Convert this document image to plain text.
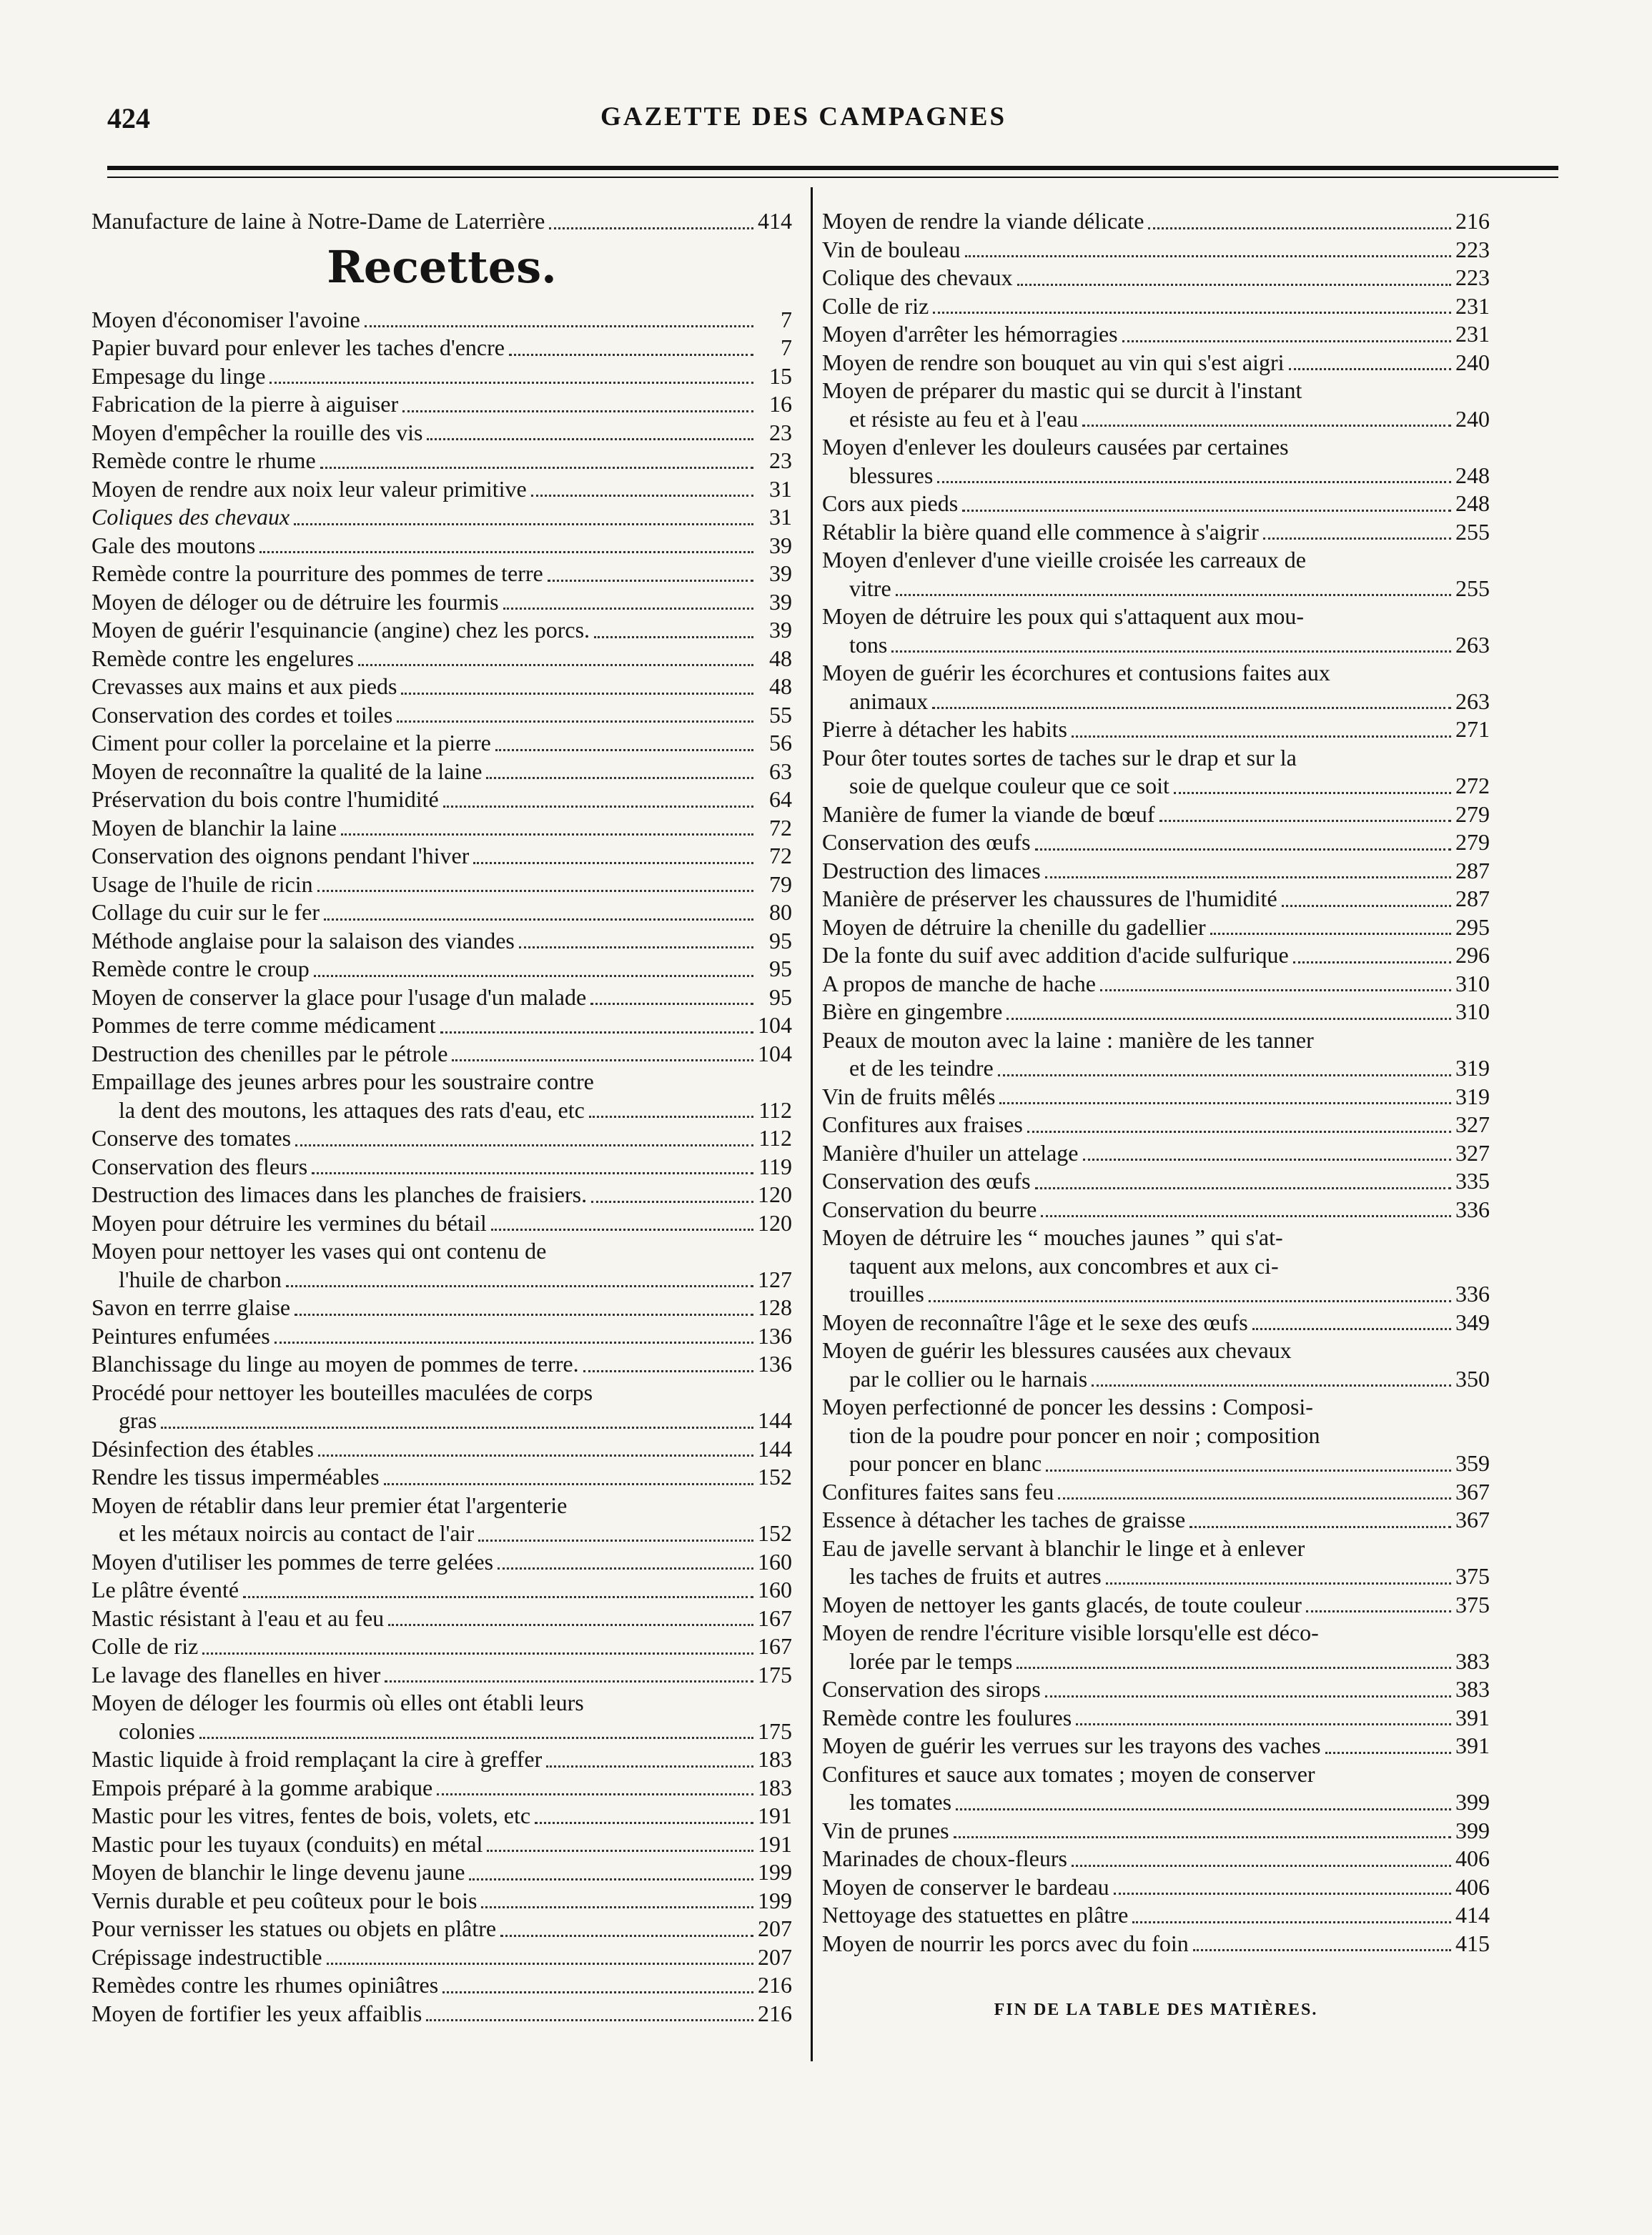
424	GAZETTE DES CAMPAGNES
Manufacture de laine à Notre-Dame de Laterrière	414
Recettes.
Moyen d'économiser l'avoine	7
Papier buvard pour enlever les taches d'encre	7
Empesage du linge	15
Fabrication de la pierre à aiguiser	16
Moyen d'empêcher la rouille des vis	23
Remède contre le rhume	23
Moyen de rendre aux noix leur valeur primitive	31
Coliques des chevaux	31
Gale des moutons	39
Remède contre la pourriture des pommes de terre	39
Moyen de déloger ou de détruire les fourmis	39
Moyen de guérir l'esquinancie (angine) chez les porcs.	39
Remède contre les engelures	48
Crevasses aux mains et aux pieds	48
Conservation des cordes et toiles	55
Ciment pour coller la porcelaine et la pierre	56
Moyen de reconnaître la qualité de la laine	63
Préservation du bois contre l'humidité	64
Moyen de blanchir la laine	72
Conservation des oignons pendant l'hiver	72
Usage de l'huile de ricin	79
Collage du cuir sur le fer	80
Méthode anglaise pour la salaison des viandes	95
Remède contre le croup	95
Moyen de conserver la glace pour l'usage d'un malade	95
Pommes de terre comme médicament	104
Destruction des chenilles par le pétrole	104
Empaillage des jeunes arbres pour les soustraire contre
la dent des moutons, les attaques des rats d'eau, etc	112
Conserve des tomates	112
Conservation des fleurs	119
Destruction des limaces dans les planches de fraisiers.	120
Moyen pour détruire les vermines du bétail	120
Moyen pour nettoyer les vases qui ont contenu de
l'huile de charbon	127
Savon en terrre glaise	128
Peintures enfumées	136
Blanchissage du linge au moyen de pommes de terre.	136
Procédé pour nettoyer les bouteilles maculées de corps
gras	144
Désinfection des étables	144
Rendre les tissus imperméables	152
Moyen de rétablir dans leur premier état l'argenterie
et les métaux noircis au contact de l'air	152
Moyen d'utiliser les pommes de terre gelées	160
Le plâtre éventé	160
Mastic résistant à l'eau et au feu	167
Colle de riz	167
Le lavage des flanelles en hiver	175
Moyen de déloger les fourmis où elles ont établi leurs
colonies	175
Mastic liquide à froid remplaçant la cire à greffer	183
Empois préparé à la gomme arabique	183
Mastic pour les vitres, fentes de bois, volets, etc	191
Mastic pour les tuyaux (conduits) en métal	191
Moyen de blanchir le linge devenu jaune	199
Vernis durable et peu coûteux pour le bois	199
Pour vernisser les statues ou objets en plâtre	207
Crépissage indestructible	207
Remèdes contre les rhumes opiniâtres	216
Moyen de fortifier les yeux affaiblis	216
Moyen de rendre la viande délicate	216
Vin de bouleau	223
Colique des chevaux	223
Colle de riz	231
Moyen d'arrêter les hémorragies	231
Moyen de rendre son bouquet au vin qui s'est aigri	240
Moyen de préparer du mastic qui se durcit à l'instant
et résiste au feu et à l'eau	240
Moyen d'enlever les douleurs causées par certaines
blessures	248
Cors aux pieds	248
Rétablir la bière quand elle commence à s'aigrir	255
Moyen d'enlever d'une vieille croisée les carreaux de
vitre	255
Moyen de détruire les poux qui s'attaquent aux mou-
tons	263
Moyen de guérir les écorchures et contusions faites aux
animaux	263
Pierre à détacher les habits	271
Pour ôter toutes sortes de taches sur le drap et sur la
soie de quelque couleur que ce soit	272
Manière de fumer la viande de bœuf	279
Conservation des œufs	279
Destruction des limaces	287
Manière de préserver les chaussures de l'humidité	287
Moyen de détruire la chenille du gadellier	295
De la fonte du suif avec addition d'acide sulfurique	296
A propos de manche de hache	310
Bière en gingembre	310
Peaux de mouton avec la laine : manière de les tanner
et de les teindre	319
Vin de fruits mêlés	319
Confitures aux fraises	327
Manière d'huiler un attelage	327
Conservation des œufs	335
Conservation du beurre	336
Moyen de détruire les “ mouches jaunes ” qui s'at-
taquent aux melons, aux concombres et aux ci-
trouilles	336
Moyen de reconnaître l'âge et le sexe des œufs	349
Moyen de guérir les blessures causées aux chevaux
par le collier ou le harnais	350
Moyen perfectionné de poncer les dessins : Composi-
tion de la poudre pour poncer en noir ; composition
pour poncer en blanc	359
Confitures faites sans feu	367
Essence à détacher les taches de graisse	367
Eau de javelle servant à blanchir le linge et à enlever
les taches de fruits et autres	375
Moyen de nettoyer les gants glacés, de toute couleur	375
Moyen de rendre l'écriture visible lorsqu'elle est déco-
lorée par le temps	383
Conservation des sirops	383
Remède contre les foulures	391
Moyen de guérir les verrues sur les trayons des vaches	391
Confitures et sauce aux tomates ; moyen de conserver
les tomates	399
Vin de prunes	399
Marinades de choux-fleurs	406
Moyen de conserver le bardeau	406
Nettoyage des statuettes en plâtre	414
Moyen de nourrir les porcs avec du foin	415
FIN DE LA TABLE DES MATIÈRES.
